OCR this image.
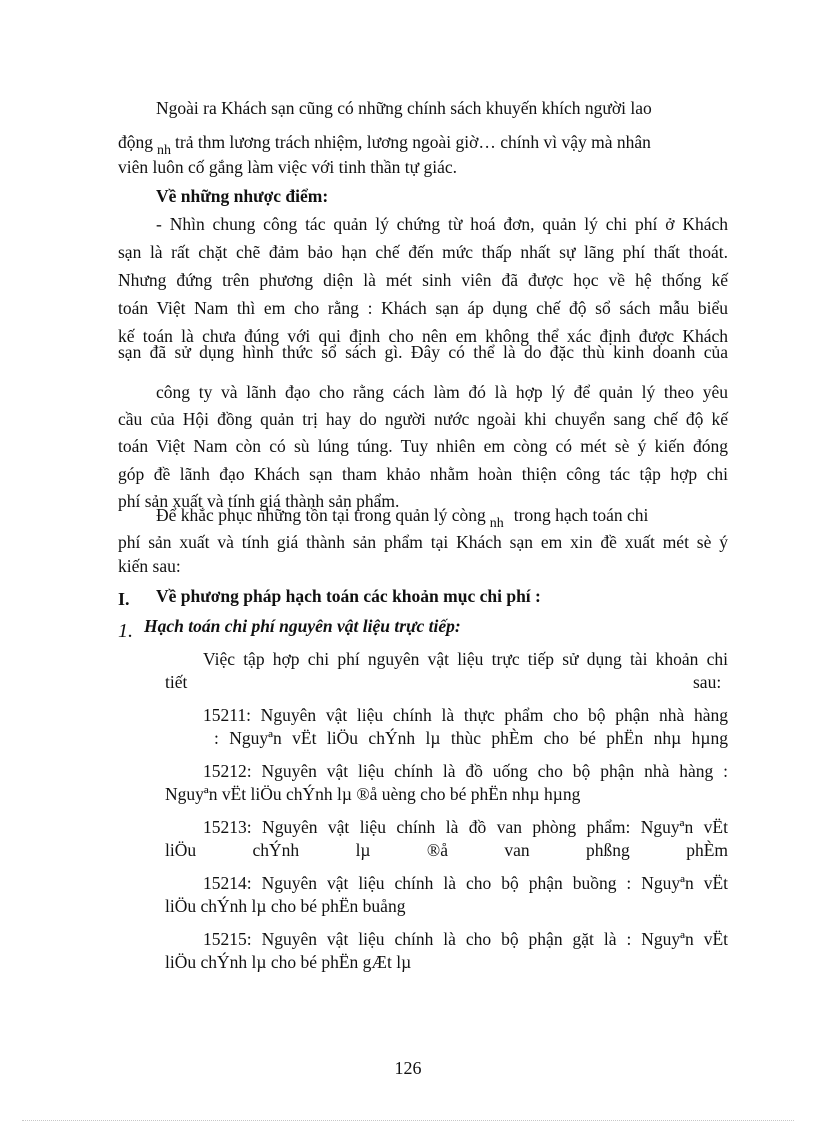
Ngoài ra Khách sạn cũng có những chính sách khuyến khích người lao
động nh trả thm lương trách nhiệm, lương ngoài giờ… chính vì vậy mà nhân
viên luôn cố gắng làm việc với tinh thần tự giác.
Về những nhược điểm:
- Nhìn chung công tác quản lý chứng từ hoá đơn, quản lý chi phí ở Khách
sạn là rất chặt chẽ đảm bảo hạn chế đến mức thấp nhất sự lãng phí thất thoát.
Nhưng đứng trên phương diện là mét sinh viên đã được học về hệ thống kế
toán Việt Nam thì em cho rằng : Khách sạn áp dụng chế độ sổ sách mẫu biểu
kế toán là chưa đúng với qui định cho nên em không thể xác định được Khách
sạn đã sử dụng hình thức sổ sách gì. Đây có thể là do đặc thù kinh doanh của
công ty và lãnh đạo cho rằng cách làm đó là hợp lý để quản lý theo yêu
cầu của Hội đồng quản trị hay do người nước ngoài khi chuyển sang chế độ kế
toán Việt Nam còn có sù lúng túng. Tuy nhiên em còng có mét sè ý kiến đóng
góp đề lãnh đạo Khách sạn tham khảo nhằm hoàn thiện công tác tập hợp chi
phí sản xuất và tính giá thành sản phẩm.
Để khắc phục những tồn tại trong quản lý còng nh trong hạch toán chi
phí sản xuất và tính giá thành sản phẩm tại Khách sạn em xin đề xuất mét sè ý
kiến sau:
I. Về phương pháp hạch toán các khoản mục chi phí :
1. Hạch toán chi phí nguyên vật liệu trực tiếp:
Việc tập hợp chi phí nguyên vật liệu trực tiếp sử dụng tài khoản chi
tiết	sau:
15211: Nguyên vật liệu chính là thực phẩm cho bộ phận nhà hàng
: Nguyªn vËt liÖu chÝnh lµ thùc phÈm cho bé phËn nhµ hµng
15212: Nguyên vật liệu chính là đồ uống cho bộ phận nhà hàng :
Nguyªn vËt liÖu chÝnh lµ ®å uèng cho bé phËn nhµ hµng
15213: Nguyên vật liệu chính là đồ van phòng phẩm: Nguyªn vËt
liÖu	chÝnh	lµ	®å	van	phßng	phÈm
15214: Nguyên vật liệu chính là cho bộ phận buồng : Nguyªn vËt
liÖu chÝnh lµ cho bé phËn buång
15215: Nguyên vật liệu chính là cho bộ phận gặt là : Nguyªn vËt
liÖu chÝnh lµ cho bé phËn gÆt lµ
126
